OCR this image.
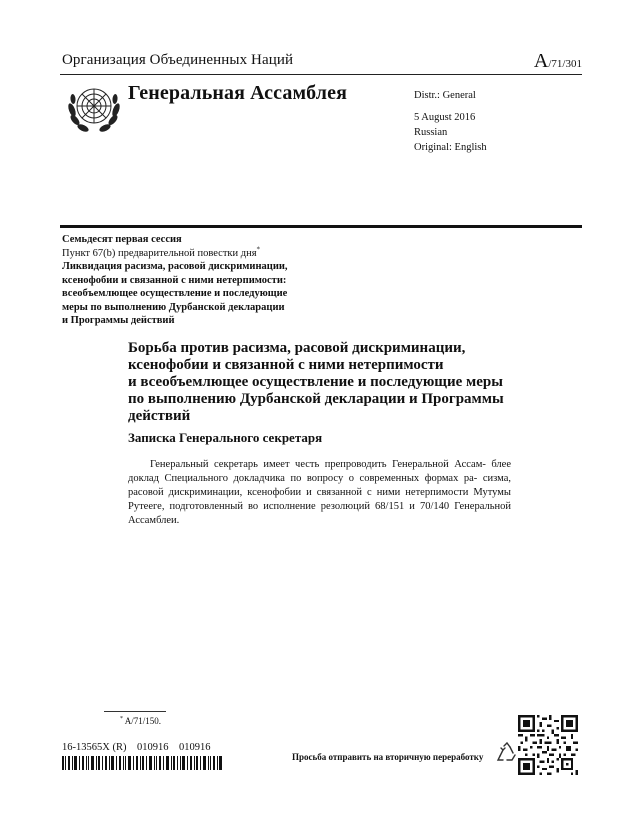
Организация Объединенных Наций	A/71/301
Генеральная Ассамблея	Distr.: General
5 August 2016
Russian
Original: English
Семьдесят первая сессия
Пункт 67(b) предварительной повестки дня*
Ликвидация расизма, расовой дискриминации,
ксенофобии и связанной с ними нетерпимости:
всеобъемлющее осуществление и последующие
меры по выполнению Дурбанской декларации
и Программы действий
Борьба против расизма, расовой дискриминации,
ксенофобии и связанной с ними нетерпимости
и всеобъемлющее осуществление и последующие меры
по выполнению Дурбанской декларации и Программы
действий
Записка Генерального секретаря
Генеральный секретарь имеет честь препроводить Генеральной Ассам- блее доклад Специального докладчика по вопросу о современных формах ра- сизма, расовой дискриминации, ксенофобии и связанной с ними нетерпимости Мутумы Рутееге, подготовленный во исполнение резолюций 68/151 и 70/140 Генеральной Ассамблеи.
* A/71/150.
16-13565X (R)    010916    010916
Просьба отправить на вторичную переработку
